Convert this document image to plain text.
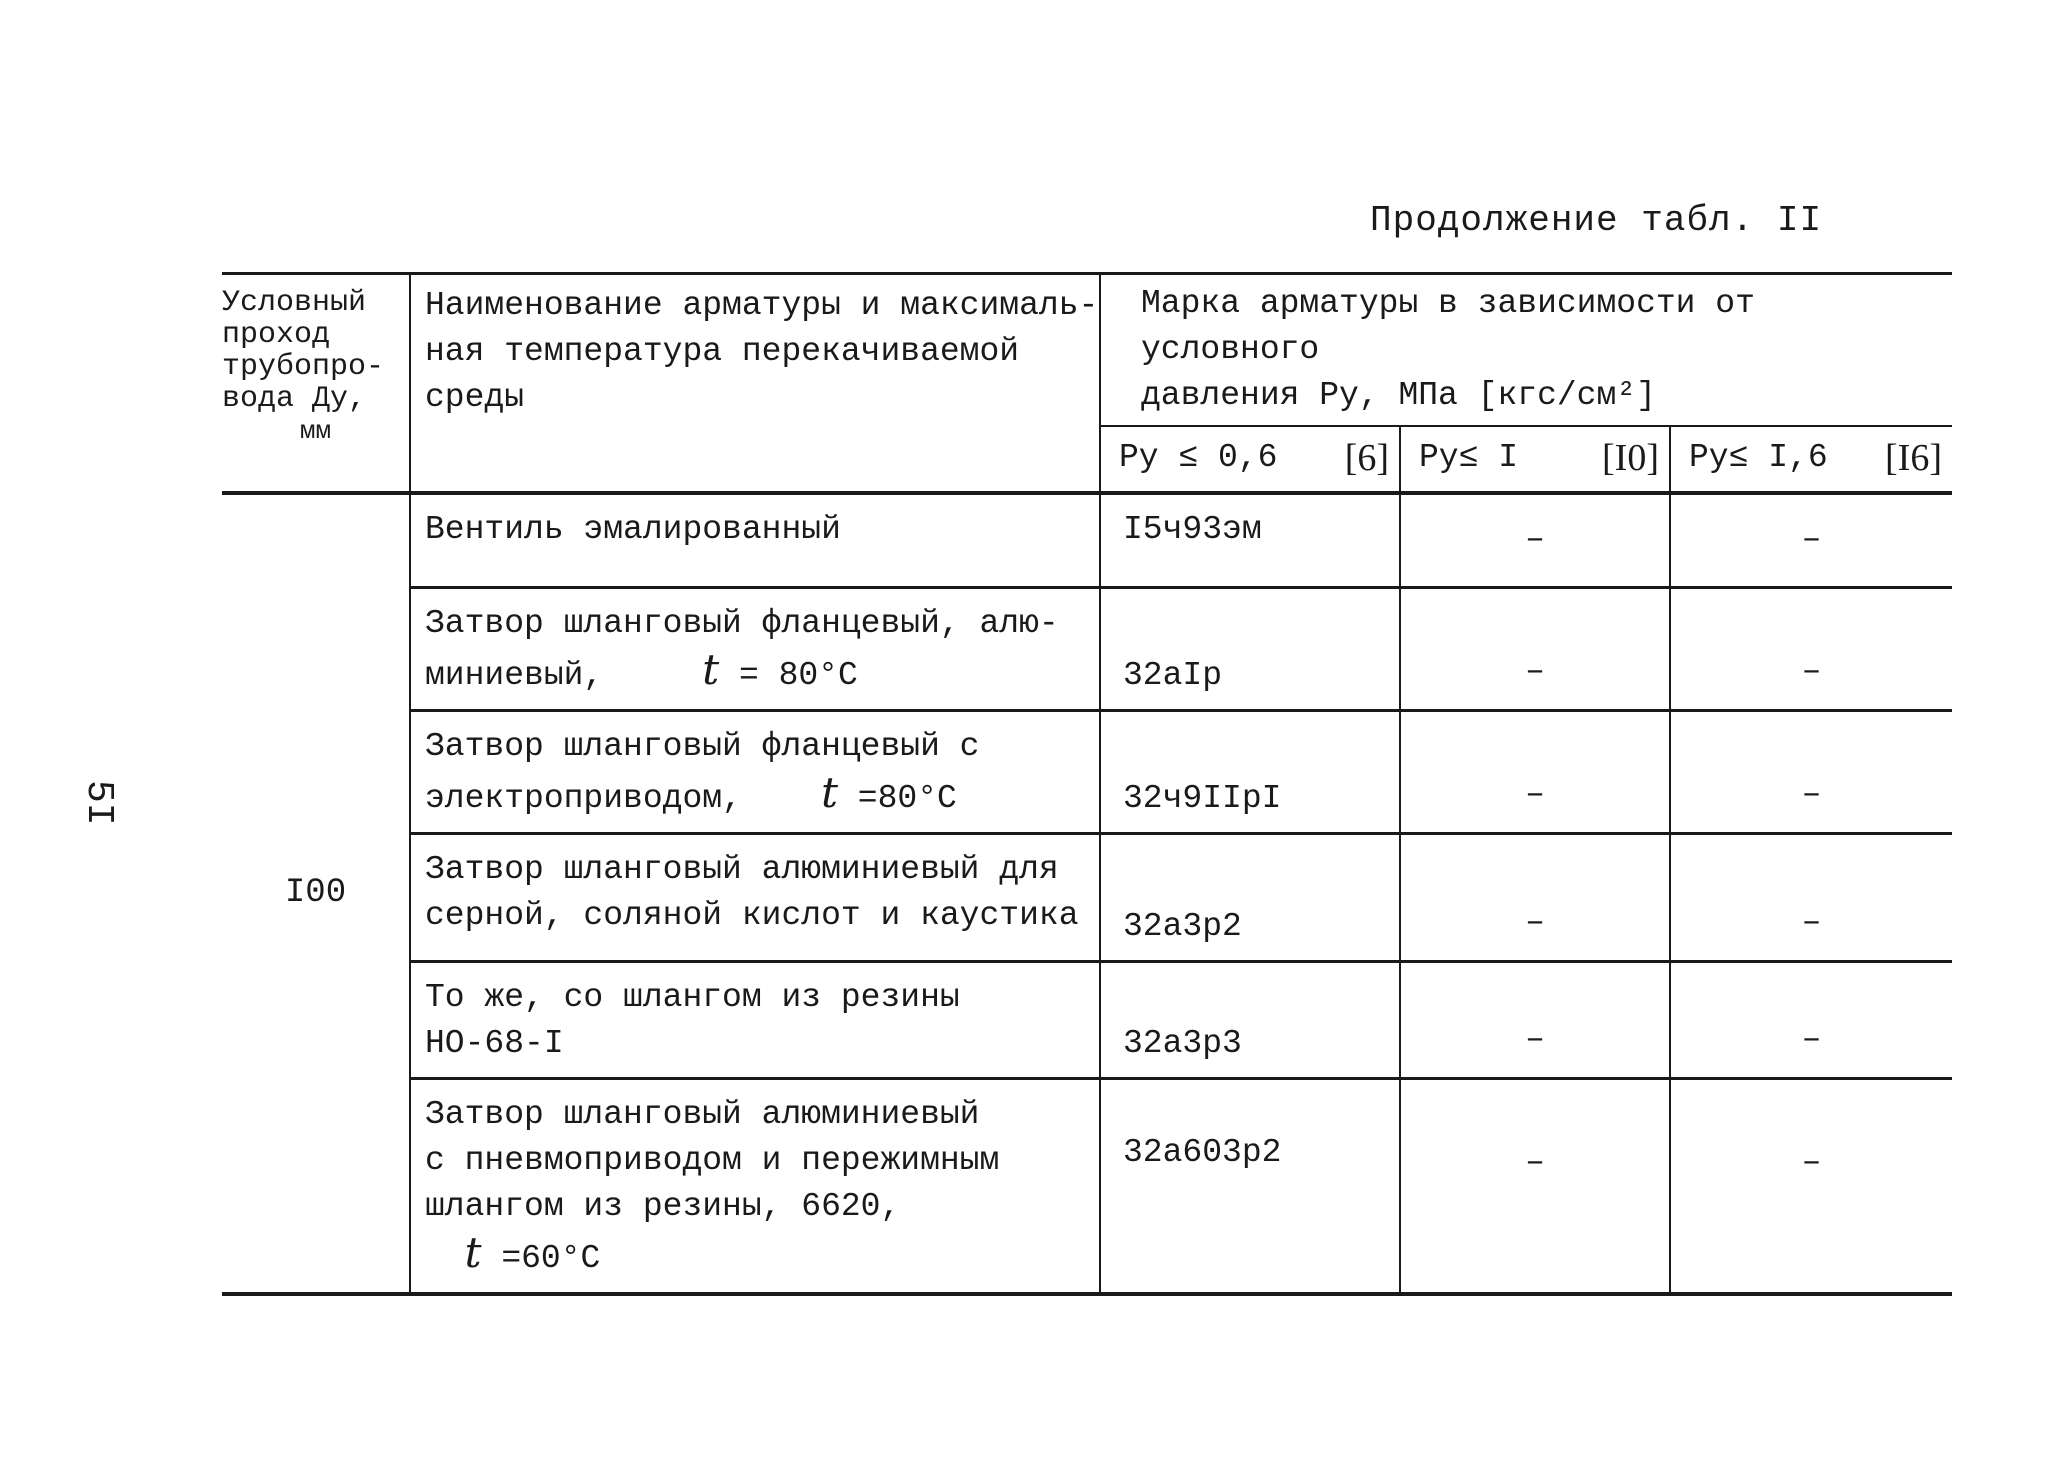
Продолжение табл. II
5I
Условный
проход
трубопро-
вода Ду,
мм	Наименование арматуры и максималь-
ная температура перекачиваемой
среды	Марка арматуры в зависимости от условного
давления Ру, МПа [кгс/см²]		

		Ру ≤ 0,6 [6]	Ру≤ I [I0]	Ру≤ I,6 [I6]

I00	Вентиль эмалированный	I5ч93эм	–	–
	Затвор шланговый фланцевый, алю-
миниевый, t = 80°С	32аIр	–	–
	Затвор шланговый фланцевый с
электроприводом, t =80°С	32ч9IIрI	–	–
	Затвор шланговый алюминиевый для
серной, соляной кислот и каустика	32а3р2	–	–
	То же, со шлангом из резины
НО-68-I	32а3р3	–	–
	Затвор шланговый алюминиевый
с пневмоприводом и пережимным
шлангом из резины, 6620,
t =60°С	32а603р2	–	–
